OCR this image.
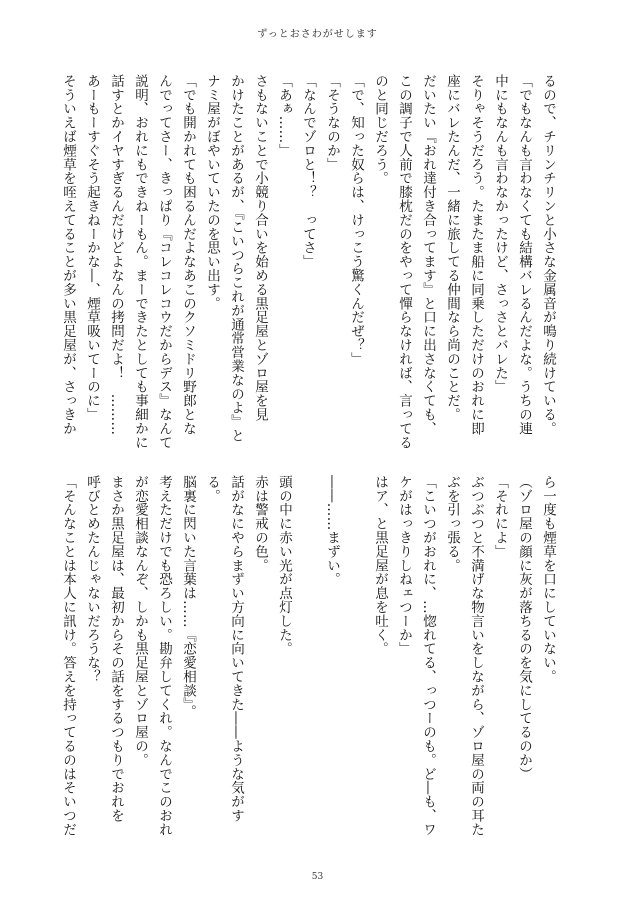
ずっとおさわがせします
るので、チリンチリンと小さな金属音が鳴り続けている。
「でもなんも言わなくても結構バレるんだよな。うちの連
中にもなんも言わなかったけど、さっさとバレた」
そりゃそうだろう。たまたま船に同乗しただけのおれに即
座にバレたんだ、一緒に旅してる仲間なら尚のことだ。
だいたい『おれ達付き合ってます』と口に出さなくても、
この調子で人前で膝枕だのをやって憚らなければ、言ってる
のと同じだろう。
「で、知った奴らは、けっこう驚くんだぜ？」
「そうなのか」
「なんでゾロと！？　ってさ」
「あぁ……」
さもないことで小競り合いを始める黒足屋とゾロ屋を見
かけたことがあるが、『こいつらこれが通常営業なのよ』と
ナミ屋がぼやいていたのを思い出す。
「でも開かれても困るんだよなあこのクソミドリ野郎とな
んでってさー、きっぱり『コレコレコウだからデス』なんて
説明、おれにもできねーもん。まーできたとしても事細かに
話すとかイヤすぎるんだけどよなんの拷問だよ！　………
あーもーすぐそう起きねーかな―、煙草吸いてーのに」
そういえば煙草を咥えてることが多い黒足屋が、さっきか
ら一度も煙草を口にしていない。
（ゾロ屋の顔に灰が落ちるのを気にしてるのか）
「それによ」
ぶつぶつと不満げな物言いをしながら、ゾロ屋の両の耳た
ぶを引っ張る。
「こいつがおれに、…惚れてる、っつーのも。ど―も、ワ
ケがはっきりしねェつーか」
はア、と黒足屋が息を吐く。

――……まずい。

頭の中に赤い光が点灯した。
赤は警戒の色。
話がなにやらまずい方向に向いてきた――ような気がす
る。
脳裏に閃いた言葉は……『恋愛相談』。
考えただけでも恐ろしい。勘弁してくれ。なんでこのおれ
が恋愛相談なんぞ、しかも黒足屋とゾロ屋の。
まさか黒足屋は、最初からその話をするつもりでおれを
呼びとめたんじゃないだろうな？
「そんなことは本人に訊け。答えを持ってるのはそいつだ
53
